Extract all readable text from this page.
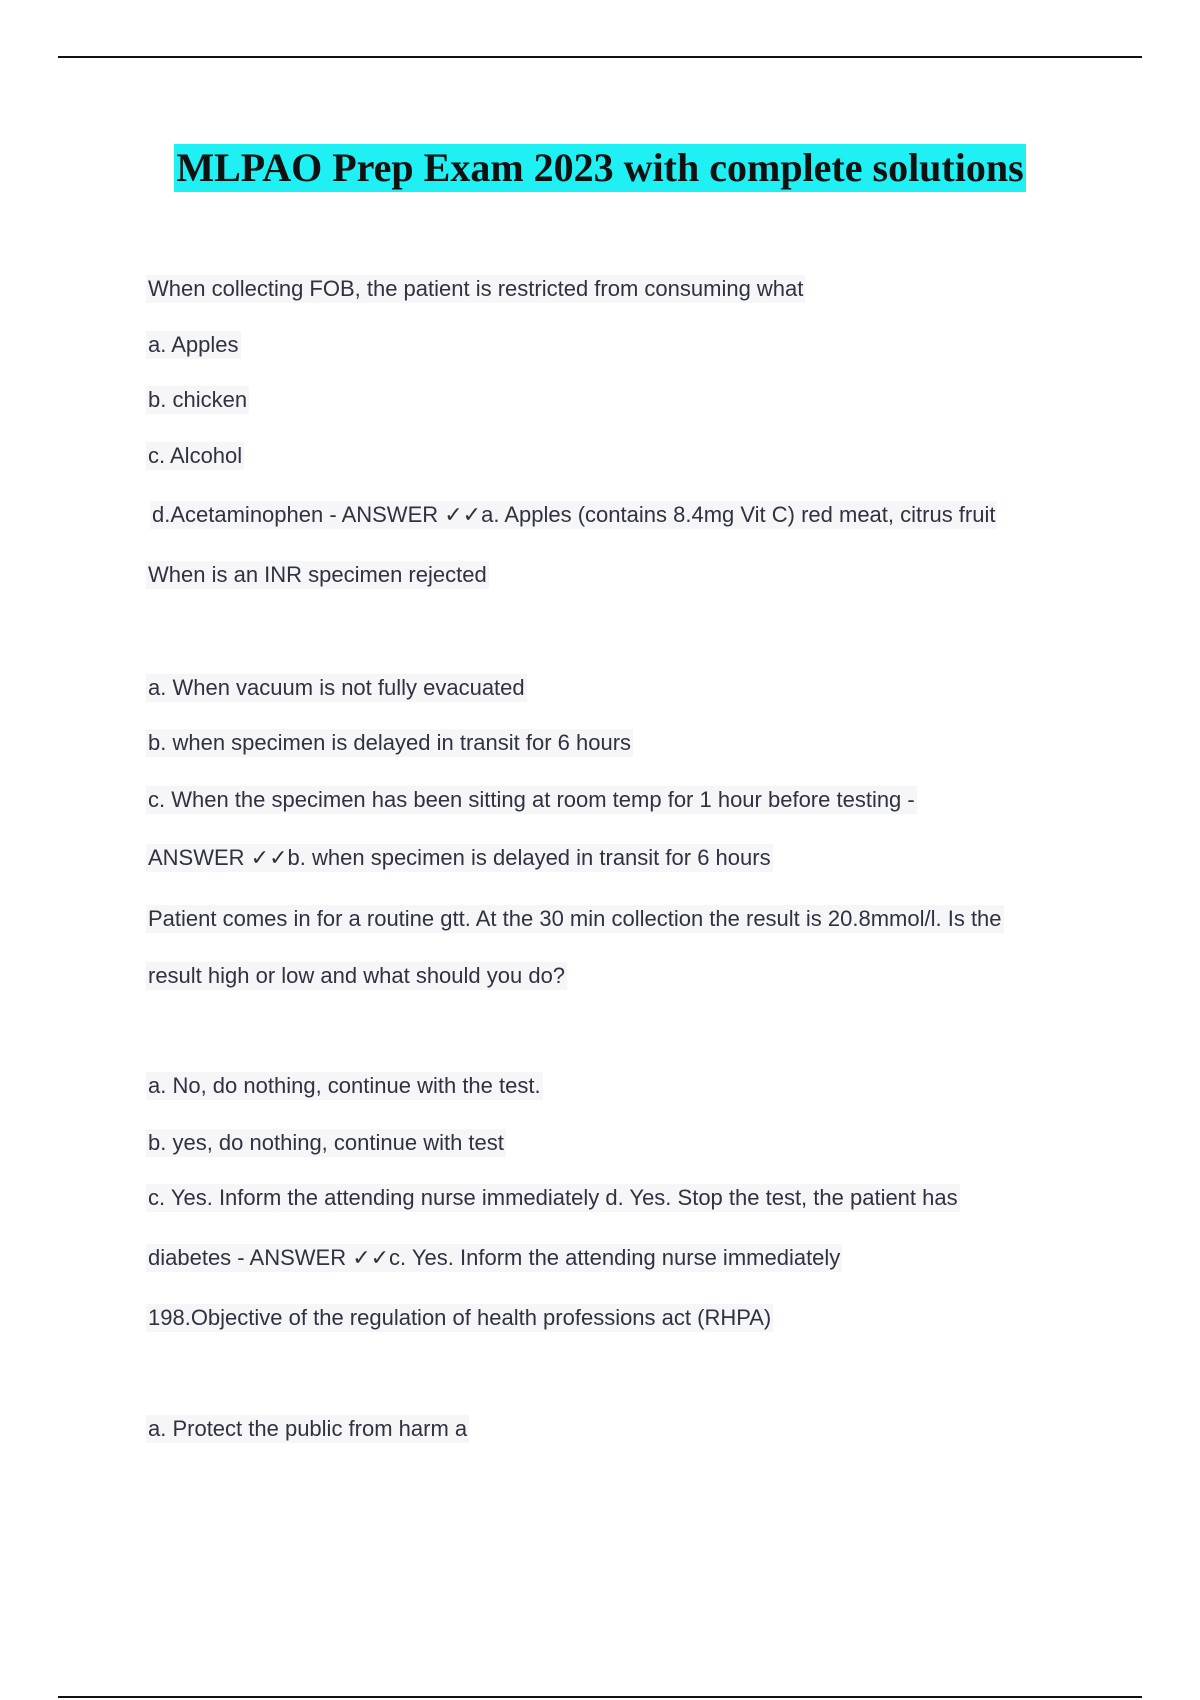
MLPAO Prep Exam 2023 with complete solutions
When collecting FOB, the patient is restricted from consuming what
a. Apples
b. chicken
c. Alcohol
d.Acetaminophen - ANSWER ✓✓a. Apples (contains 8.4mg Vit C) red meat, citrus fruit
When is an INR specimen rejected
a. When vacuum is not fully evacuated
b. when specimen is delayed in transit for 6 hours
c. When the specimen has been sitting at room temp for 1 hour before testing -
ANSWER ✓✓b. when specimen is delayed in transit for 6 hours
Patient comes in for a routine gtt. At the 30 min collection the result is 20.8mmol/l. Is the
result high or low and what should you do?
a. No, do nothing, continue with the test.
b. yes, do nothing, continue with test
c. Yes. Inform the attending nurse immediately d. Yes. Stop the test, the patient has
diabetes - ANSWER ✓✓c. Yes. Inform the attending nurse immediately
198.Objective of the regulation of health professions act (RHPA)
a. Protect the public from harm a
